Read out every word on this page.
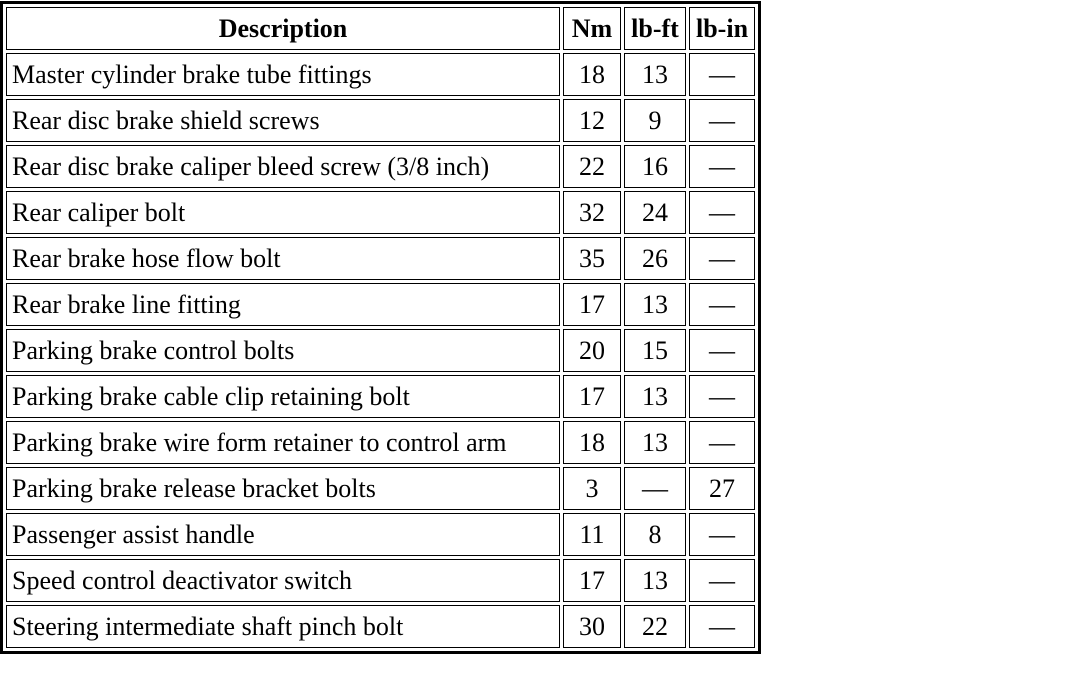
Description	Nm	lb-ft	lb-in
Master cylinder brake tube fittings	18	13	—
Rear disc brake shield screws	12	9	—
Rear disc brake caliper bleed screw (3/8 inch)	22	16	—
Rear caliper bolt	32	24	—
Rear brake hose flow bolt	35	26	—
Rear brake line fitting	17	13	—
Parking brake control bolts	20	15	—
Parking brake cable clip retaining bolt	17	13	—
Parking brake wire form retainer to control arm	18	13	—
Parking brake release bracket bolts	3	—	27
Passenger assist handle	11	8	—
Speed control deactivator switch	17	13	—
Steering intermediate shaft pinch bolt	30	22	—
